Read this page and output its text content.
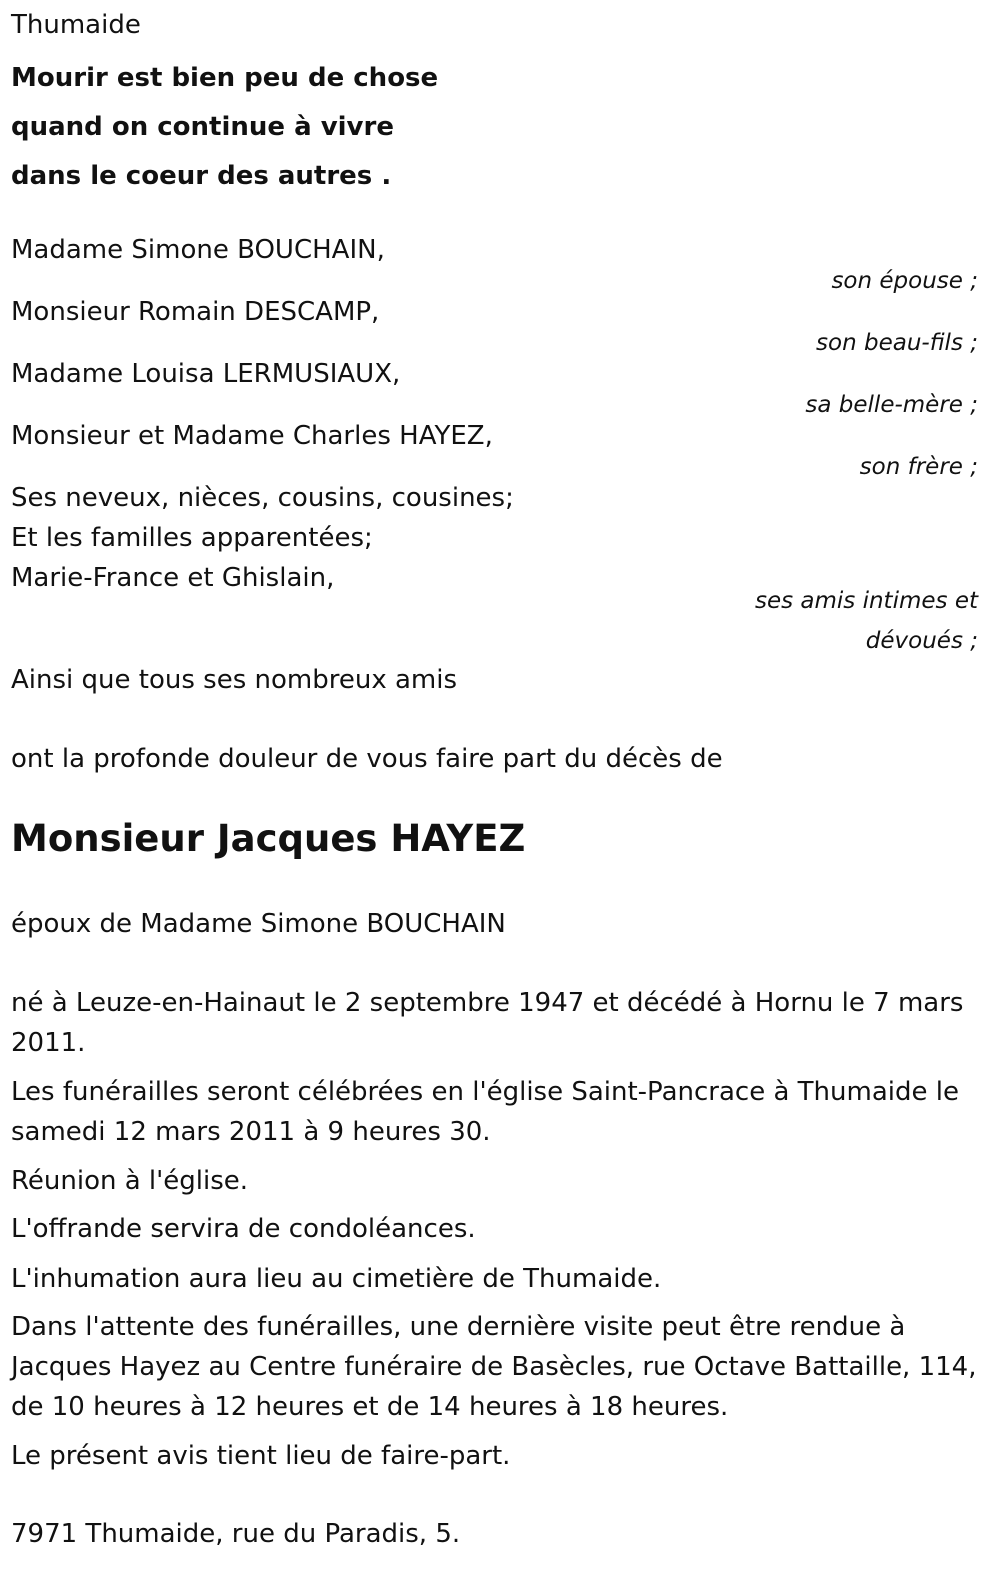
Thumaide
Mourir est bien peu de chose
quand on continue à vivre
dans le coeur des autres .
Madame Simone BOUCHAIN,
son épouse ;
Monsieur Romain DESCAMP,
son beau-fils ;
Madame Louisa LERMUSIAUX,
sa belle-mère ;
Monsieur et Madame Charles HAYEZ,
son frère ;
Ses neveux, nièces, cousins, cousines;
Et les familles apparentées;
Marie-France et Ghislain,
ses amis intimes et
dévoués ;
Ainsi que tous ses nombreux amis
ont la profonde douleur de vous faire part du décès de
Monsieur Jacques HAYEZ
époux de Madame Simone BOUCHAIN
né à Leuze-en-Hainaut le 2 septembre 1947 et décédé à Hornu le 7 mars 2011.
Les funérailles seront célébrées en l'église Saint-Pancrace à Thumaide le samedi 12 mars 2011 à 9 heures 30.
Réunion à l'église.
L'offrande servira de condoléances.
L'inhumation aura lieu au cimetière de Thumaide.
Dans l'attente des funérailles, une dernière visite peut être rendue à Jacques Hayez au Centre funéraire de Basècles, rue Octave Battaille, 114, de 10 heures à 12 heures et de 14 heures à 18 heures.
Le présent avis tient lieu de faire-part.
7971 Thumaide, rue du Paradis, 5.
